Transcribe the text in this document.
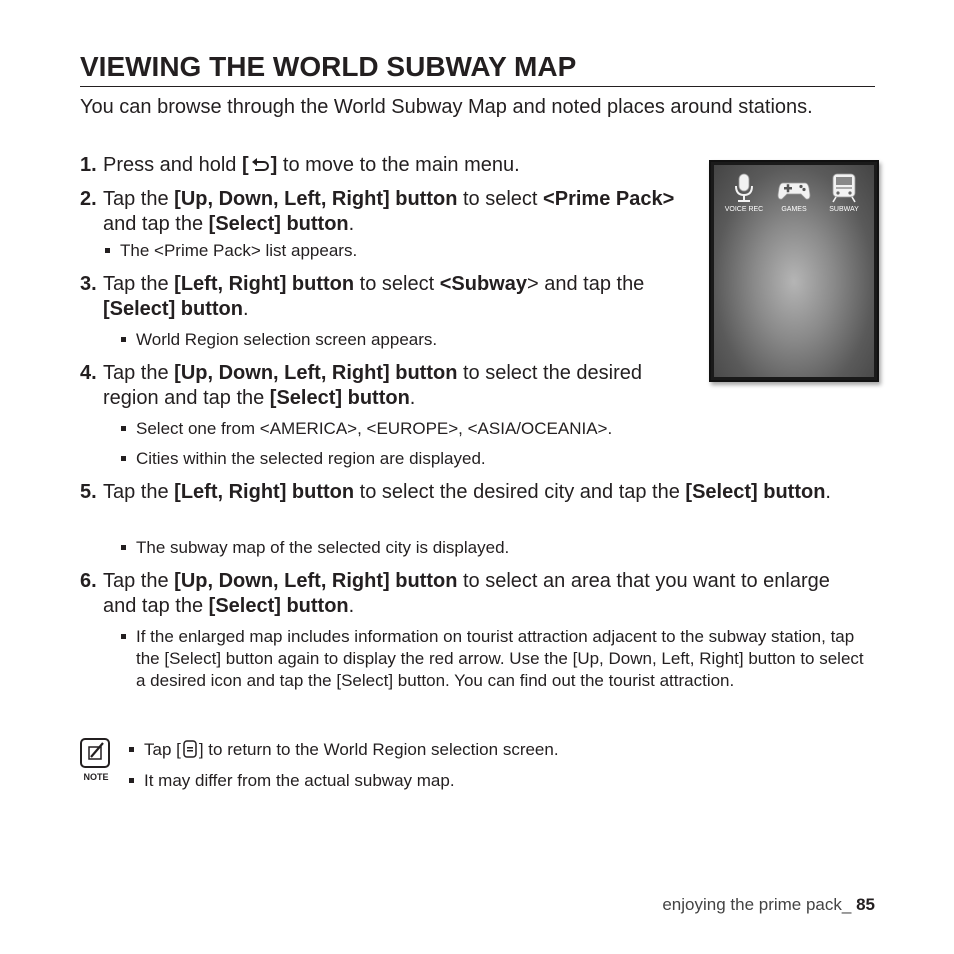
VIEWING THE WORLD SUBWAY MAP
You can browse through the World Subway Map and noted places around stations.
1. Press and hold [ ] to move to the main menu.
2. Tap the [Up, Down, Left, Right] button to select <Prime Pack> and tap the [Select] button.
The <Prime Pack> list appears.
3. Tap the [Left, Right] button to select <Subway> and tap the [Select] button.
World Region selection screen appears.
4. Tap the [Up, Down, Left, Right] button to select the desired region and tap the [Select] button.
Select one from <AMERICA>, <EUROPE>, <ASIA/OCEANIA>.
Cities within the selected region are displayed.
5. Tap the [Left, Right] button to select the desired city and tap the [Select] button.
The subway map of the selected city is displayed.
6. Tap the [Up, Down, Left, Right] button to select an area that you want to enlarge and tap the [Select] button.
If the enlarged map includes information on tourist attraction adjacent to the subway station, tap the [Select] button again to display the red arrow. Use the [Up, Down, Left, Right] button to select a desired icon and tap the [Select] button. You can find out the tourist attraction.
VOICE REC	GAMES	SUBWAY
NOTE
Tap [ ] to return to the World Region selection screen.
It may differ from the actual subway map.
enjoying the prime pack_ 85
